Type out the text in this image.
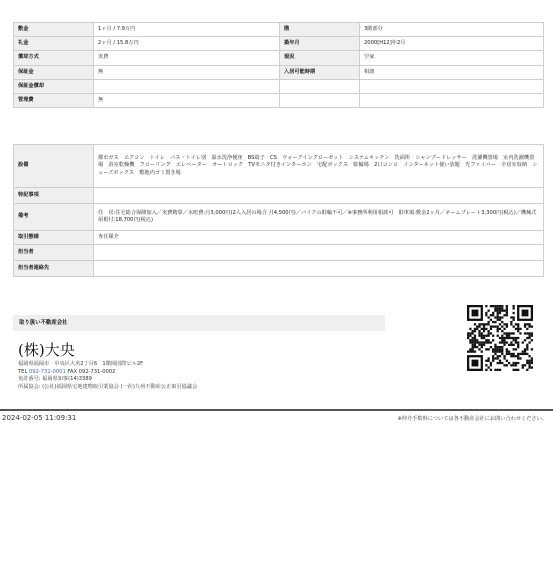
敷金	1ヶ月 / 7.9万円	階	3階部分
礼金	2ヶ月 / 15.8万円	築年月	2000[H12]年2月
償却方式	実費	現況	空家
保証金	無	入居可能時期	相談
保証金償却			
管理費	無		
設備	都市ガス　エアコン　トイレ　バス・トイレ別　温水洗浄便座　BS端子　CS　ウォークインクローゼット　システムキッチン　洗面所　シャンプードレッサー　洗濯機置場　室内洗濯機置場　浴室乾燥機　フローリング　エレベーター　オートロック　TVモニタ付きインターホン　宅配ボックス　駐輪場　2口コンロ　インターネット使い放題　光ファイバー　全居室収納　シューズボックス　敷地内ゴミ置き場
特記事項	
備考	住　居:住宅総合保険加入／実費精算／水町費:月3,000円(2人入居の場合 月4,500円)／バイクの駐輪不可／※事務所利用相談可　駐車場:敷金2ヶ月／ネームプレート3,300円(税込)／機械式 屋根付:18,700円(税込)
取引態様	専任媒介
担当者	
担当者連絡先	
取り扱い不動産会社
(株)大央
福岡県福岡市　中央区大名2丁目6　1階岡国際ビル2F
TEL 092-731-0001 FAX 092-731-0002
免許番号: 福岡県知事(14)3389
所属協会: (公社)福岡県宅地建物取引業協会 (一社)九州不動産公正取引協議会
2024-02-05 11:09:31	※仲介手数料については各不動産会社にお問い合わせください。
